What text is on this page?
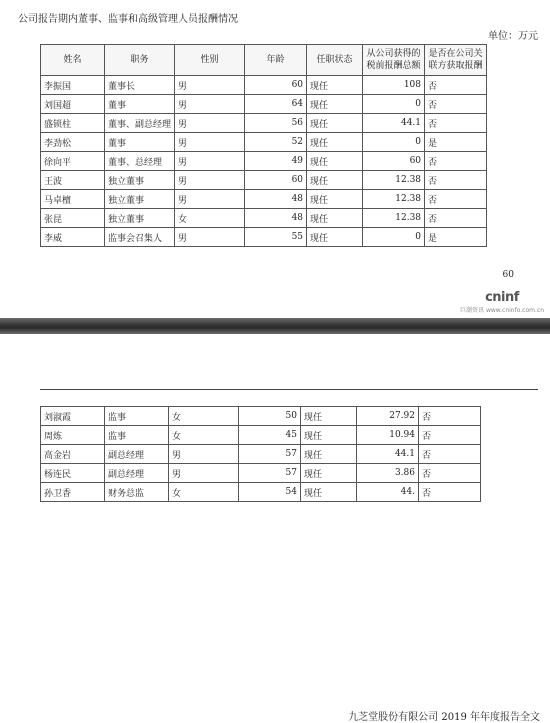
公司报告期内董事、监事和高级管理人员报酬情况
单位：万元
姓名	职务	性别	年龄	任职状态	从公司获得的税前报酬总额	是否在公司关联方获取报酬
李振国	董事长	男	60	现任	108	否
刘国超	董事	男	64	现任	0	否
盛锁柱	董事、副总经理	男	56	现任	44.1	否
李劲松	董事	男	52	现任	0	是
徐向平	董事、总经理	男	49	现任	60	否
王波	独立董事	男	60	现任	12.38	否
马卓檀	独立董事	男	48	现任	12.38	否
张昆	独立董事	女	48	现任	12.38	否
李威	监事会召集人	男	55	现任	0	是
60
cninf
巨潮资讯 www.cninfo.com.cn
九芝堂股份有限公司 2019 年年度报告全文
刘淑霞	监事	女	50	现任	27.92	否
周炼	监事	女	45	现任	10.94	否
高金岩	副总经理	男	57	现任	44.1	否
杨连民	副总经理	男	57	现任	3.86	否
孙卫香	财务总监	女	54	现任	44.	否
